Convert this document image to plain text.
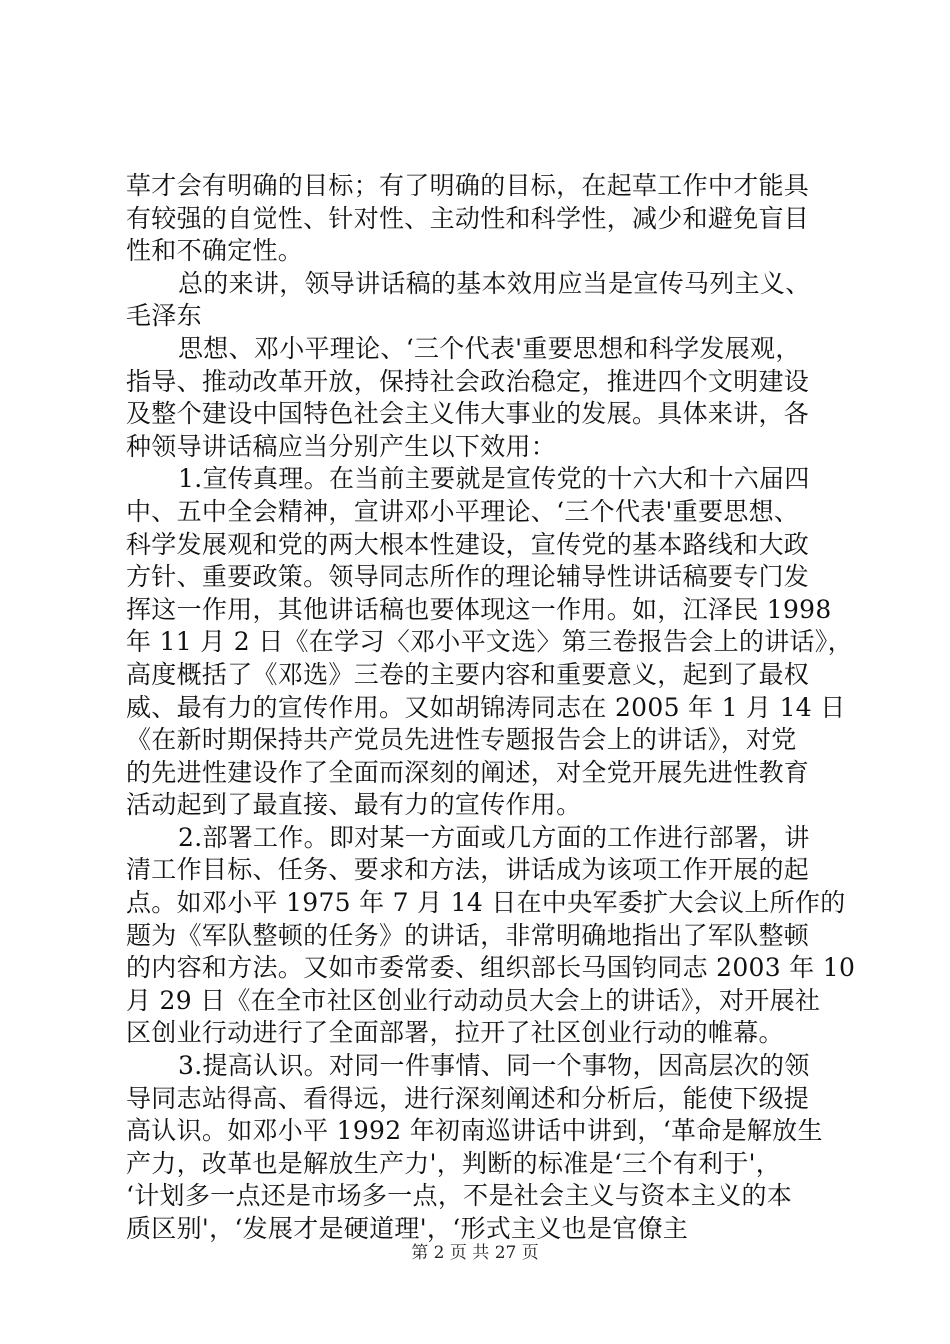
草才会有明确的目标；有了明确的目标，在起草工作中才能具
有较强的自觉性、针对性、主动性和科学性，减少和避免盲目
性和不确定性。
总的来讲，领导讲话稿的基本效用应当是宣传马列主义、
毛泽东
思想、邓小平理论、‘三个代表'重要思想和科学发展观，
指导、推动改革开放，保持社会政治稳定，推进四个文明建设
及整个建设中国特色社会主义伟大事业的发展。具体来讲，各
种领导讲话稿应当分别产生以下效用：
1.宣传真理。在当前主要就是宣传党的十六大和十六届四
中、五中全会精神，宣讲邓小平理论、‘三个代表'重要思想、
科学发展观和党的两大根本性建设，宣传党的基本路线和大政
方针、重要政策。领导同志所作的理论辅导性讲话稿要专门发
挥这一作用，其他讲话稿也要体现这一作用。如，江泽民 1998
年 11 月 2 日《在学习〈邓小平文选〉第三卷报告会上的讲话》，
高度概括了《邓选》三卷的主要内容和重要意义，起到了最权
威、最有力的宣传作用。又如胡锦涛同志在 2005 年 1 月 14 日
《在新时期保持共产党员先进性专题报告会上的讲话》，对党
的先进性建设作了全面而深刻的阐述，对全党开展先进性教育
活动起到了最直接、最有力的宣传作用。
2.部署工作。即对某一方面或几方面的工作进行部署，讲
清工作目标、任务、要求和方法，讲话成为该项工作开展的起
点。如邓小平 1975 年 7 月 14 日在中央军委扩大会议上所作的
题为《军队整顿的任务》的讲话，非常明确地指出了军队整顿
的内容和方法。又如市委常委、组织部长马国钧同志 2003 年 10
月 29 日《在全市社区创业行动动员大会上的讲话》，对开展社
区创业行动进行了全面部署，拉开了社区创业行动的帷幕。
3.提高认识。对同一件事情、同一个事物，因高层次的领
导同志站得高、看得远，进行深刻阐述和分析后，能使下级提
高认识。如邓小平 1992 年初南巡讲话中讲到，‘革命是解放生
产力，改革也是解放生产力'，判断的标准是‘三个有利于'，
‘计划多一点还是市场多一点，不是社会主义与资本主义的本
质区别'，‘发展才是硬道理'，‘形式主义也是官僚主
第 2 页 共 27 页
